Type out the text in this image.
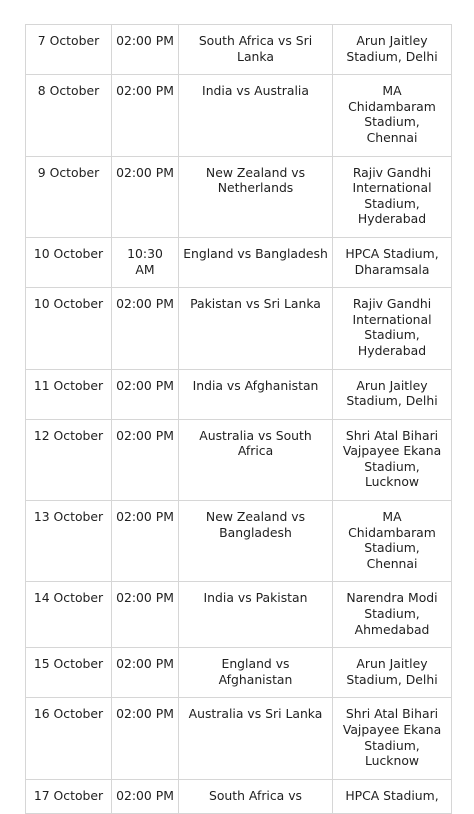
7 October	02:00 PM	South Africa vs Sri Lanka	Arun Jaitley Stadium, Delhi

8 October	02:00 PM	India vs Australia	MA Chidambaram Stadium, Chennai

9 October	02:00 PM	New Zealand vs Netherlands	Rajiv Gandhi International Stadium, Hyderabad

10 October	10:30 AM	England vs Bangladesh	HPCA Stadium, Dharamsala

10 October	02:00 PM	Pakistan vs Sri Lanka	Rajiv Gandhi International Stadium, Hyderabad

11 October	02:00 PM	India vs Afghanistan	Arun Jaitley Stadium, Delhi

12 October	02:00 PM	Australia vs South Africa	Shri Atal Bihari Vajpayee Ekana Stadium, Lucknow

13 October	02:00 PM	New Zealand vs Bangladesh	MA Chidambaram Stadium, Chennai

14 October	02:00 PM	India vs Pakistan	Narendra Modi Stadium, Ahmedabad

15 October	02:00 PM	England vs Afghanistan	Arun Jaitley Stadium, Delhi

16 October	02:00 PM	Australia vs Sri Lanka	Shri Atal Bihari Vajpayee Ekana Stadium, Lucknow

17 October	02:00 PM	South Africa vs	HPCA Stadium,
